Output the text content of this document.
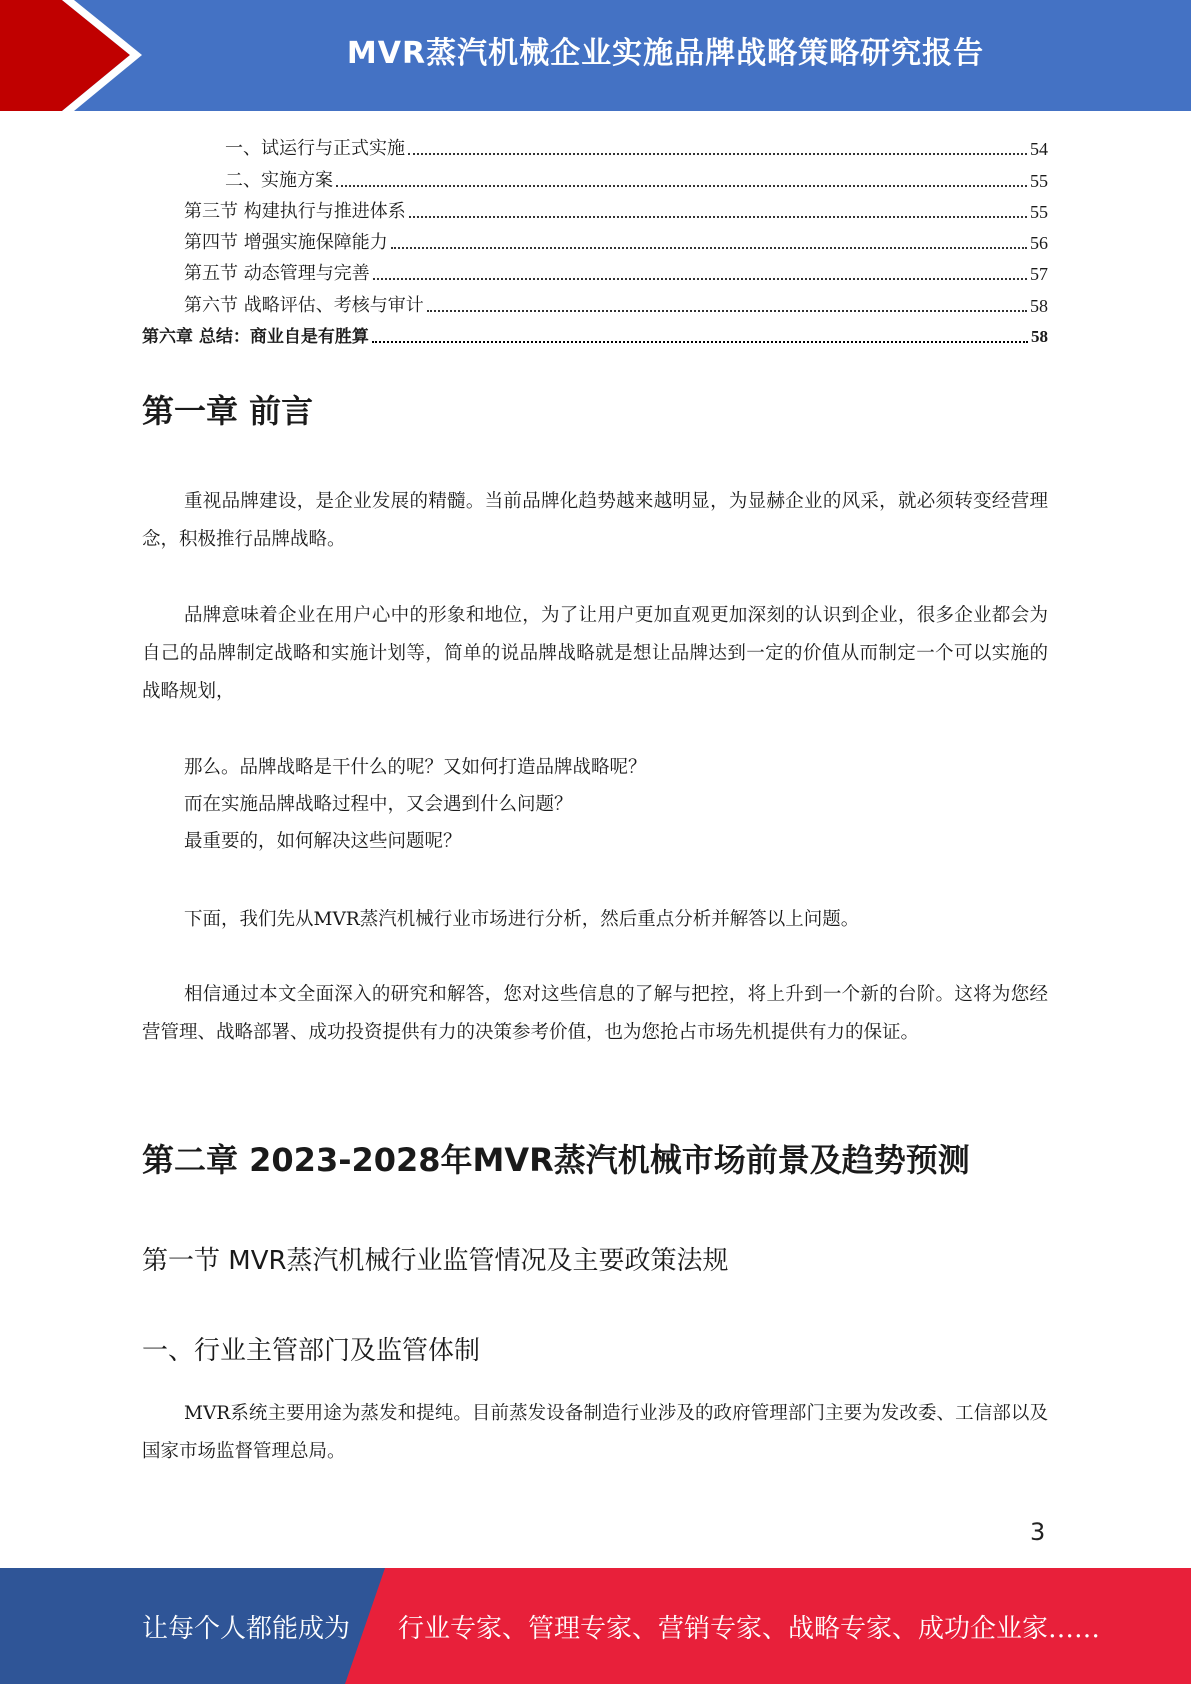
MVR蒸汽机械企业实施品牌战略策略研究报告
一、试运行与正式实施	54
二、实施方案	55
第三节 构建执行与推进体系	55
第四节 增强实施保障能力	56
第五节 动态管理与完善	57
第六节 战略评估、考核与审计	58
第六章 总结：商业自是有胜算	58
第一章 前言
重视品牌建设，是企业发展的精髓。当前品牌化趋势越来越明显，为显赫企业的风采，就必须转变经营理念，积极推行品牌战略。
品牌意味着企业在用户心中的形象和地位，为了让用户更加直观更加深刻的认识到企业，很多企业都会为自己的品牌制定战略和实施计划等，简单的说品牌战略就是想让品牌达到一定的价值从而制定一个可以实施的战略规划，
那么。品牌战略是干什么的呢？又如何打造品牌战略呢？
而在实施品牌战略过程中，又会遇到什么问题？
最重要的，如何解决这些问题呢？
下面，我们先从MVR蒸汽机械行业市场进行分析，然后重点分析并解答以上问题。
相信通过本文全面深入的研究和解答，您对这些信息的了解与把控，将上升到一个新的台阶。这将为您经营管理、战略部署、成功投资提供有力的决策参考价值，也为您抢占市场先机提供有力的保证。
第二章 2023-2028年MVR蒸汽机械市场前景及趋势预测
第一节 MVR蒸汽机械行业监管情况及主要政策法规
一、行业主管部门及监管体制
MVR系统主要用途为蒸发和提纯。目前蒸发设备制造行业涉及的政府管理部门主要为发改委、工信部以及国家市场监督管理总局。
3
让每个人都能成为 行业专家、管理专家、营销专家、战略专家、成功企业家……
